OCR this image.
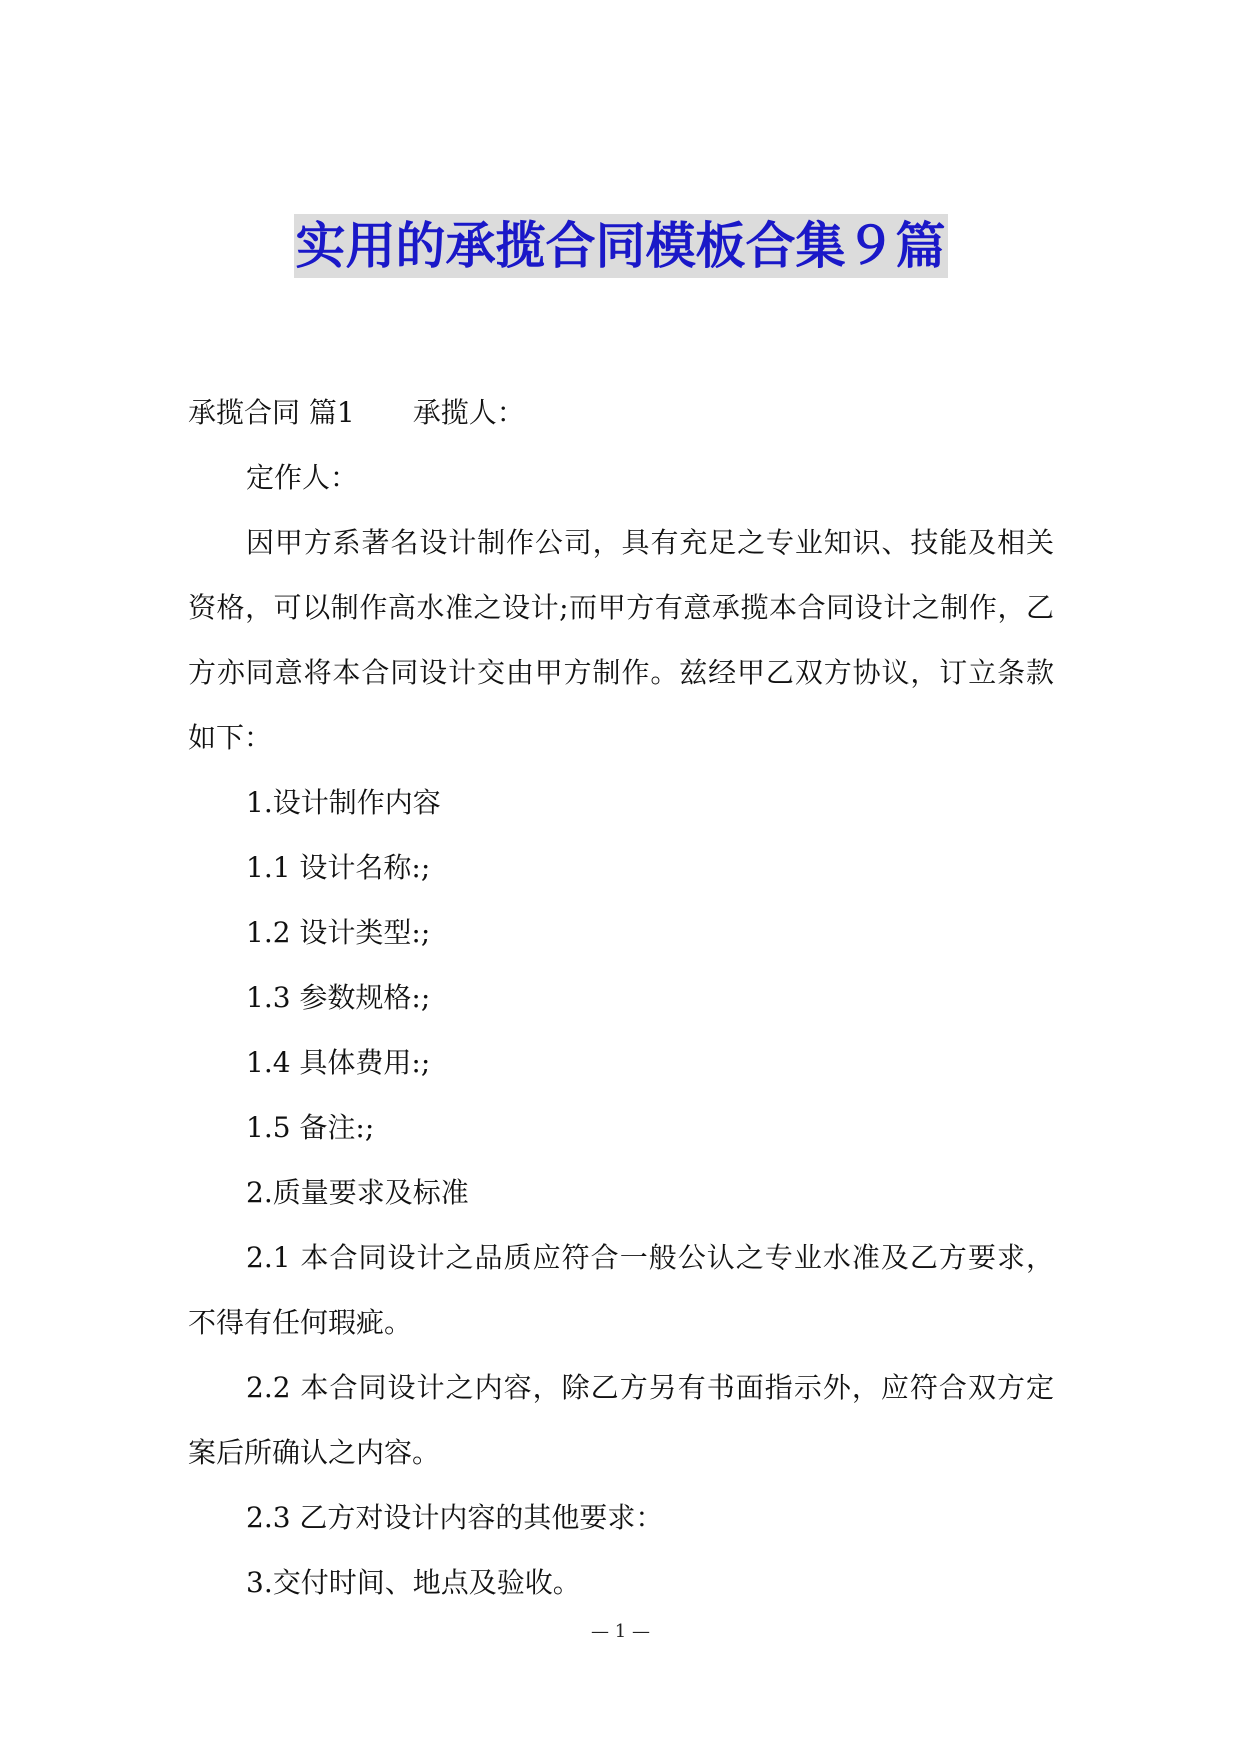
实用的承揽合同模板合集９篇

承揽合同 篇1 承揽人：

定作人：

因甲方系著名设计制作公司，具有充足之专业知识、技能及相关资格，可以制作高水准之设计;而甲方有意承揽本合同设计之制作，乙方亦同意将本合同设计交由甲方制作。兹经甲乙双方协议，订立条款如下：

1.设计制作内容

1.1 设计名称:;

1.2 设计类型:;

1.3 参数规格:;

1.4 具体费用:;

1.5 备注:;

2.质量要求及标准

2.1 本合同设计之品质应符合一般公认之专业水准及乙方要求，不得有任何瑕疵。

2.2 本合同设计之内容，除乙方另有书面指示外，应符合双方定案后所确认之内容。

2.3 乙方对设计内容的其他要求：

3.交付时间、地点及验收。

— 1 —
